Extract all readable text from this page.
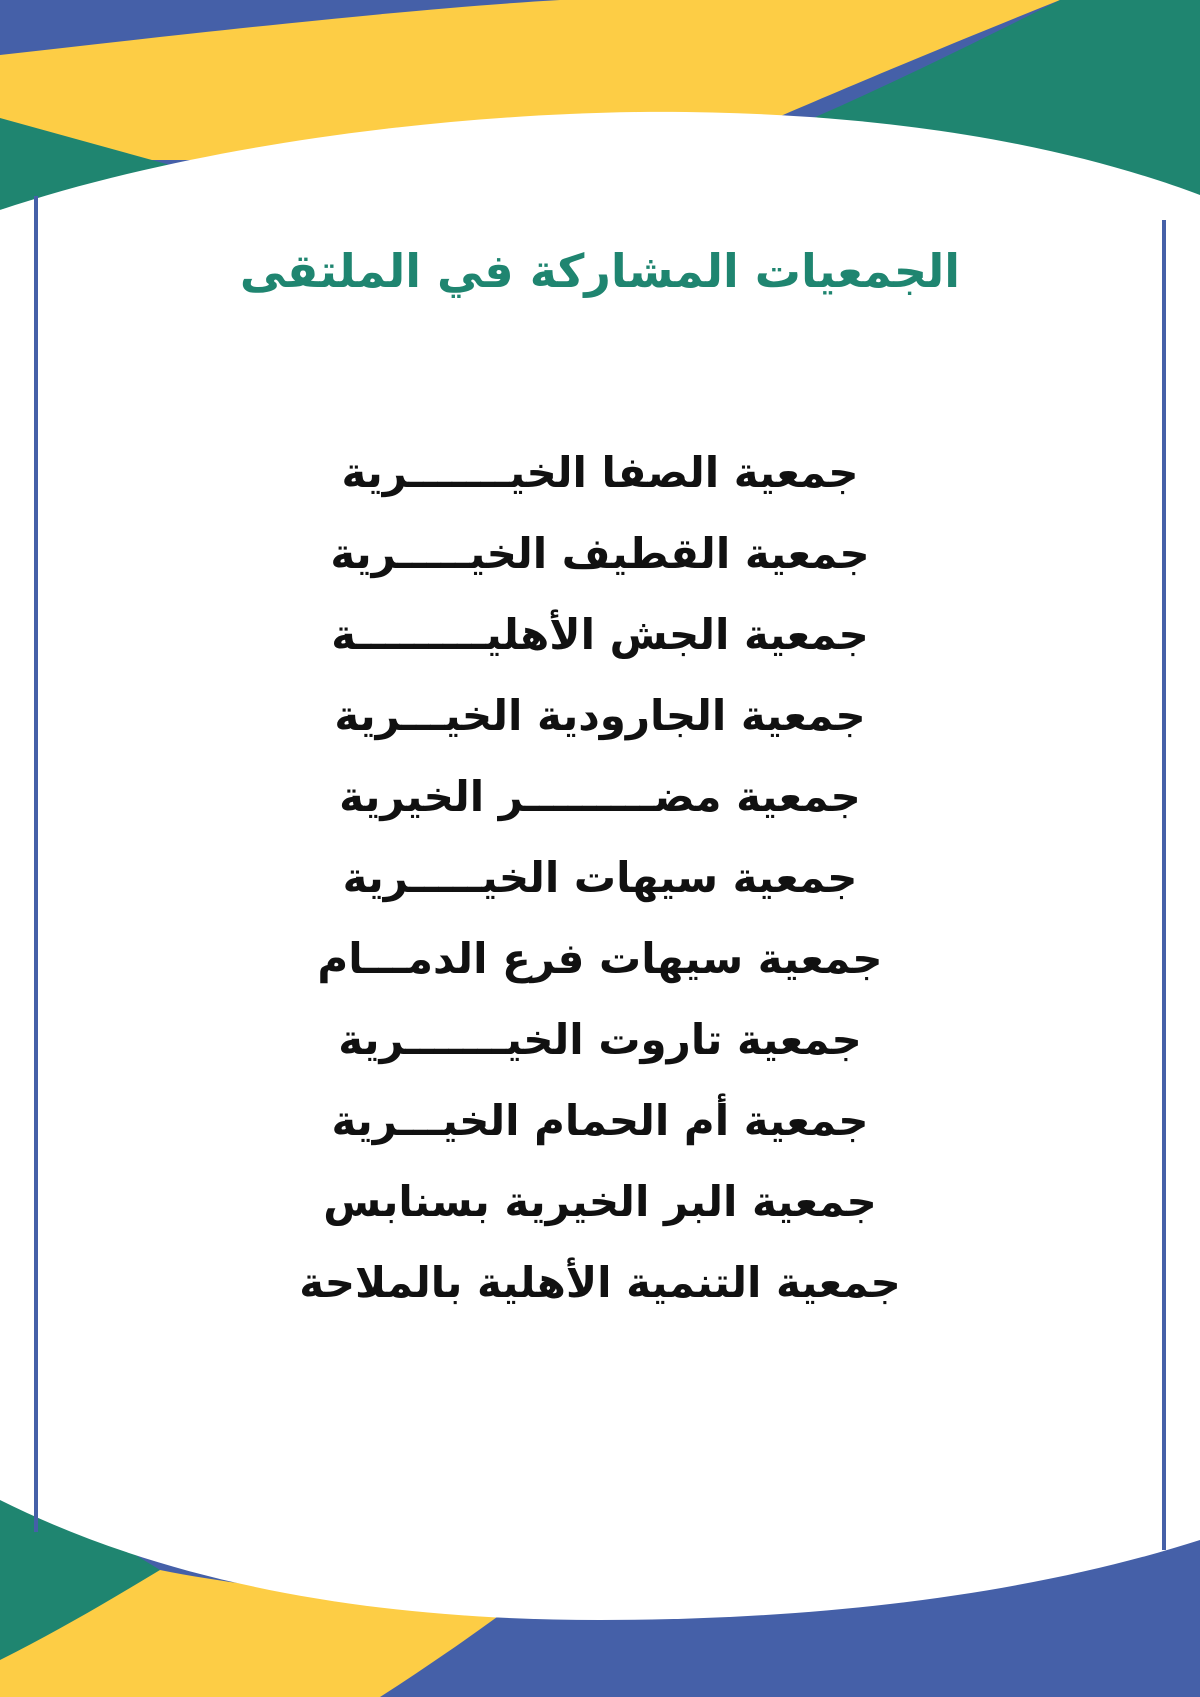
الجمعيات المشاركة في الملتقى
جمعية الصفا الخيـــــــرية
جمعية القطيف الخيـــــرية
جمعية الجش الأهليـــــــــة
جمعية الجارودية الخيـــرية
جمعية مضـــــــــر الخيرية
جمعية سيهات الخيـــــرية
جمعية سيهات فرع الدمـــام
جمعية تاروت الخيـــــــرية
جمعية أم الحمام الخيـــرية
جمعية البر الخيرية بسنابس
جمعية التنمية الأهلية بالملاحة
